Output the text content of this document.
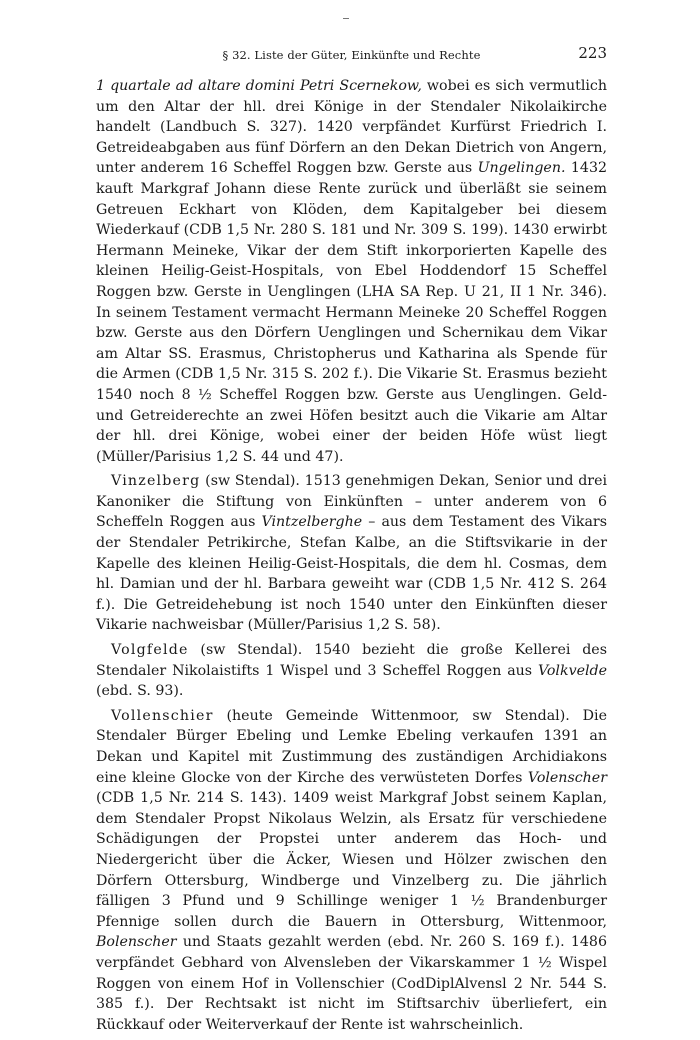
§ 32. Liste der Güter, Einkünfte und Rechte	223

1 quartale ad altare domini Petri Scernekow, wobei es sich vermutlich um den Altar der hll. drei Könige in der Stendaler Nikolaikirche handelt (Landbuch S. 327). 1420 verpfändet Kurfürst Friedrich I. Getreideabgaben aus fünf Dörfern an den Dekan Dietrich von Angern, unter anderem 16 Scheffel Roggen bzw. Gerste aus Ungelingen. 1432 kauft Markgraf Johann diese Rente zurück und überläßt sie seinem Getreuen Eckhart von Klöden, dem Kapitalgeber bei diesem Wiederkauf (CDB 1,5 Nr. 280 S. 181 und Nr. 309 S. 199). 1430 erwirbt Hermann Meineke, Vikar der dem Stift inkorporierten Kapelle des kleinen Heilig-Geist-Hospitals, von Ebel Hoddendorf 15 Scheffel Roggen bzw. Gerste in Uenglingen (LHA SA Rep. U 21, II 1 Nr. 346). In seinem Testament vermacht Hermann Meineke 20 Scheffel Roggen bzw. Gerste aus den Dörfern Uenglingen und Schernikau dem Vikar am Altar SS. Erasmus, Christopherus und Katharina als Spende für die Armen (CDB 1,5 Nr. 315 S. 202 f.). Die Vikarie St. Erasmus bezieht 1540 noch 8 ½ Scheffel Roggen bzw. Gerste aus Uenglingen. Geld- und Getreiderechte an zwei Höfen besitzt auch die Vikarie am Altar der hll. drei Könige, wobei einer der beiden Höfe wüst liegt (Müller/Parisius 1,2 S. 44 und 47).

Vinzelberg (sw Stendal). 1513 genehmigen Dekan, Senior und drei Kanoniker die Stiftung von Einkünften – unter anderem von 6 Scheffeln Roggen aus Vintzelberghe – aus dem Testament des Vikars der Stendaler Petrikirche, Stefan Kalbe, an die Stiftsvikarie in der Kapelle des kleinen Heilig-Geist-Hospitals, die dem hl. Cosmas, dem hl. Damian und der hl. Barbara geweiht war (CDB 1,5 Nr. 412 S. 264 f.). Die Getreidehebung ist noch 1540 unter den Einkünften dieser Vikarie nachweisbar (Müller/Parisius 1,2 S. 58).

Volgfelde (sw Stendal). 1540 bezieht die große Kellerei des Stendaler Nikolaistifts 1 Wispel und 3 Scheffel Roggen aus Volkvelde (ebd. S. 93).

Vollenschier (heute Gemeinde Wittenmoor, sw Stendal). Die Stendaler Bürger Ebeling und Lemke Ebeling verkaufen 1391 an Dekan und Kapitel mit Zustimmung des zuständigen Archidiakons eine kleine Glocke von der Kirche des verwüsteten Dorfes Volenscher (CDB 1,5 Nr. 214 S. 143). 1409 weist Markgraf Jobst seinem Kaplan, dem Stendaler Propst Nikolaus Welzin, als Ersatz für verschiedene Schädigungen der Propstei unter anderem das Hoch- und Niedergericht über die Äcker, Wiesen und Hölzer zwischen den Dörfern Ottersburg, Windberge und Vinzelberg zu. Die jährlich fälligen 3 Pfund und 9 Schillinge weniger 1 ½ Brandenburger Pfennige sollen durch die Bauern in Ottersburg, Wittenmoor, Bolenscher und Staats gezahlt werden (ebd. Nr. 260 S. 169 f.). 1486 verpfändet Gebhard von Alvensleben der Vikarskammer 1 ½ Wispel Roggen von einem Hof in Vollenschier (CodDiplAlvensl 2 Nr. 544 S. 385 f.). Der Rechtsakt ist nicht im Stiftsarchiv überliefert, ein Rückkauf oder Weiterverkauf der Rente ist wahrscheinlich.
